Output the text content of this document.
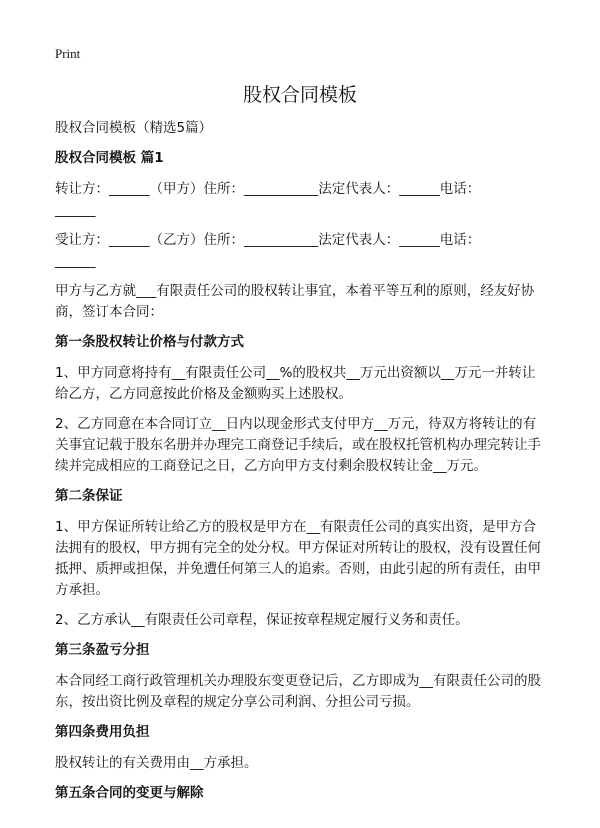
Print
股权合同模板
股权合同模板（精选5篇）
股权合同模板 篇1
转让方：______（甲方）住所：___________法定代表人：______电话：
______
受让方：______（乙方）住所：___________法定代表人：______电话：
______
甲方与乙方就___有限责任公司的股权转让事宜，本着平等互利的原则，经友好协
商，签订本合同：
第一条股权转让价格与付款方式
1、甲方同意将持有__有限责任公司__%的股权共__万元出资额以__万元一并转让
给乙方，乙方同意按此价格及金额购买上述股权。
2、乙方同意在本合同订立__日内以现金形式支付甲方__万元，待双方将转让的有
关事宜记载于股东名册并办理完工商登记手续后，或在股权托管机构办理完转让手
续并完成相应的工商登记之日，乙方向甲方支付剩余股权转让金__万元。
第二条保证
1、甲方保证所转让给乙方的股权是甲方在__有限责任公司的真实出资，是甲方合
法拥有的股权，甲方拥有完全的处分权。甲方保证对所转让的股权，没有设置任何
抵押、质押或担保，并免遭任何第三人的追索。否则，由此引起的所有责任，由甲
方承担。
2、乙方承认__有限责任公司章程，保证按章程规定履行义务和责任。
第三条盈亏分担
本合同经工商行政管理机关办理股东变更登记后，乙方即成为__有限责任公司的股
东，按出资比例及章程的规定分享公司利润、分担公司亏损。
第四条费用负担
股权转让的有关费用由__方承担。
第五条合同的变更与解除
